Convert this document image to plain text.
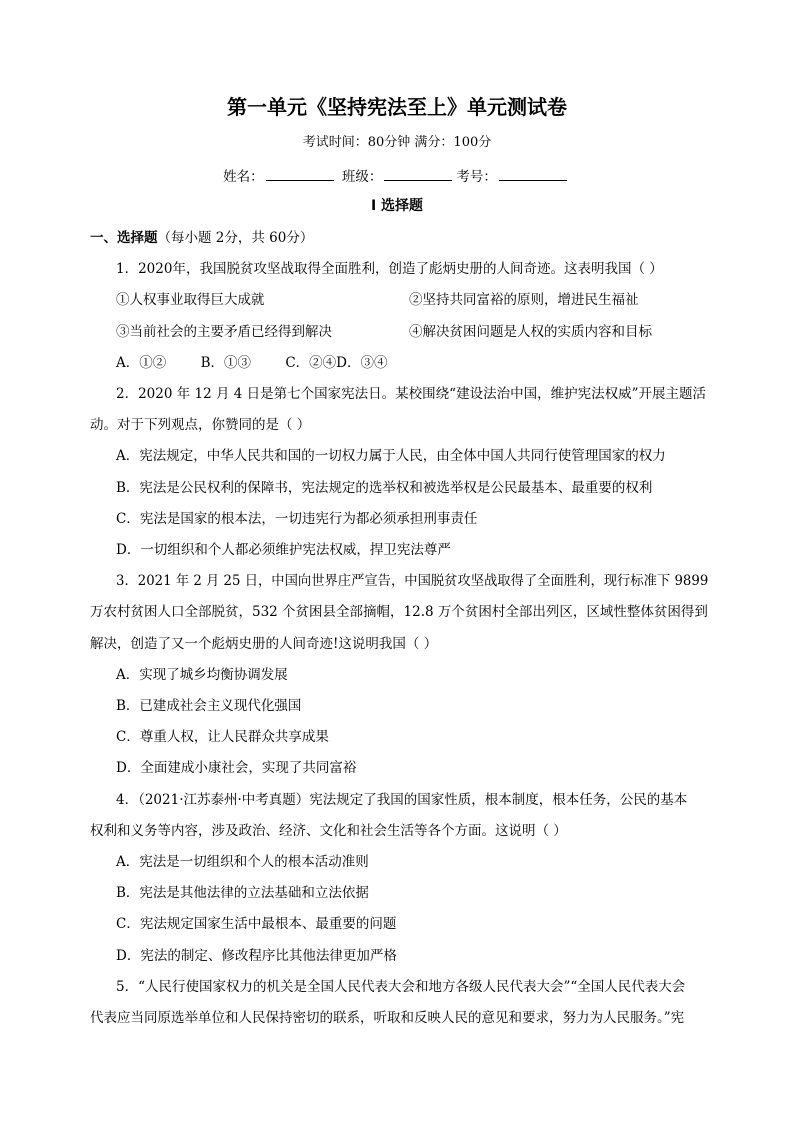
第一单元《坚持宪法至上》单元测试卷
考试时间：80分钟 满分：100分
姓名：	班级：	考号：
I 选择题
一、选择题（每小题 2分，共 60分）
1．2020年，我国脱贫攻坚战取得全面胜利，创造了彪炳史册的人间奇迹。这表明我国（ ）
①人权事业取得巨大成就	②坚持共同富裕的原则，增进民生福祉
③当前社会的主要矛盾已经得到解决	④解决贫困问题是人权的实质内容和目标
A．①②        B．①③        C．②④D．③④
2．2020 年 12 月 4 日是第七个国家宪法日。某校围绕“建设法治中国，维护宪法权威”开展主题活
动。对于下列观点，你赞同的是（ ）
A．宪法规定，中华人民共和国的一切权力属于人民，由全体中国人共同行使管理国家的权力
B．宪法是公民权利的保障书，宪法规定的选举权和被选举权是公民最基本、最重要的权利
C．宪法是国家的根本法，一切违宪行为都必须承担刑事责任
D．一切组织和个人都必须维护宪法权威，捍卫宪法尊严
3．2021 年 2 月 25 日，中国向世界庄严宣告，中国脱贫攻坚战取得了全面胜利，现行标准下 9899
万农村贫困人口全部脱贫，532 个贫困县全部摘帽，12.8 万个贫困村全部出列区，区域性整体贫困得到
解决，创造了又一个彪炳史册的人间奇迹!这说明我国（ ）
A．实现了城乡均衡协调发展
B．已建成社会主义现代化强国
C．尊重人权，让人民群众共享成果
D．全面建成小康社会，实现了共同富裕
4．（2021·江苏泰州·中考真题）宪法规定了我国的国家性质，根本制度，根本任务，公民的基本
权利和义务等内容，涉及政治、经济、文化和社会生活等各个方面。这说明（ ）
A．宪法是一切组织和个人的根本活动准则
B．宪法是其他法律的立法基础和立法依据
C．宪法规定国家生活中最根本、最重要的问题
D．宪法的制定、修改程序比其他法律更加严格
5．“人民行使国家权力的机关是全国人民代表大会和地方各级人民代表大会”“全国人民代表大会
代表应当同原选举单位和人民保持密切的联系，听取和反映人民的意见和要求，努力为人民服务。”宪
